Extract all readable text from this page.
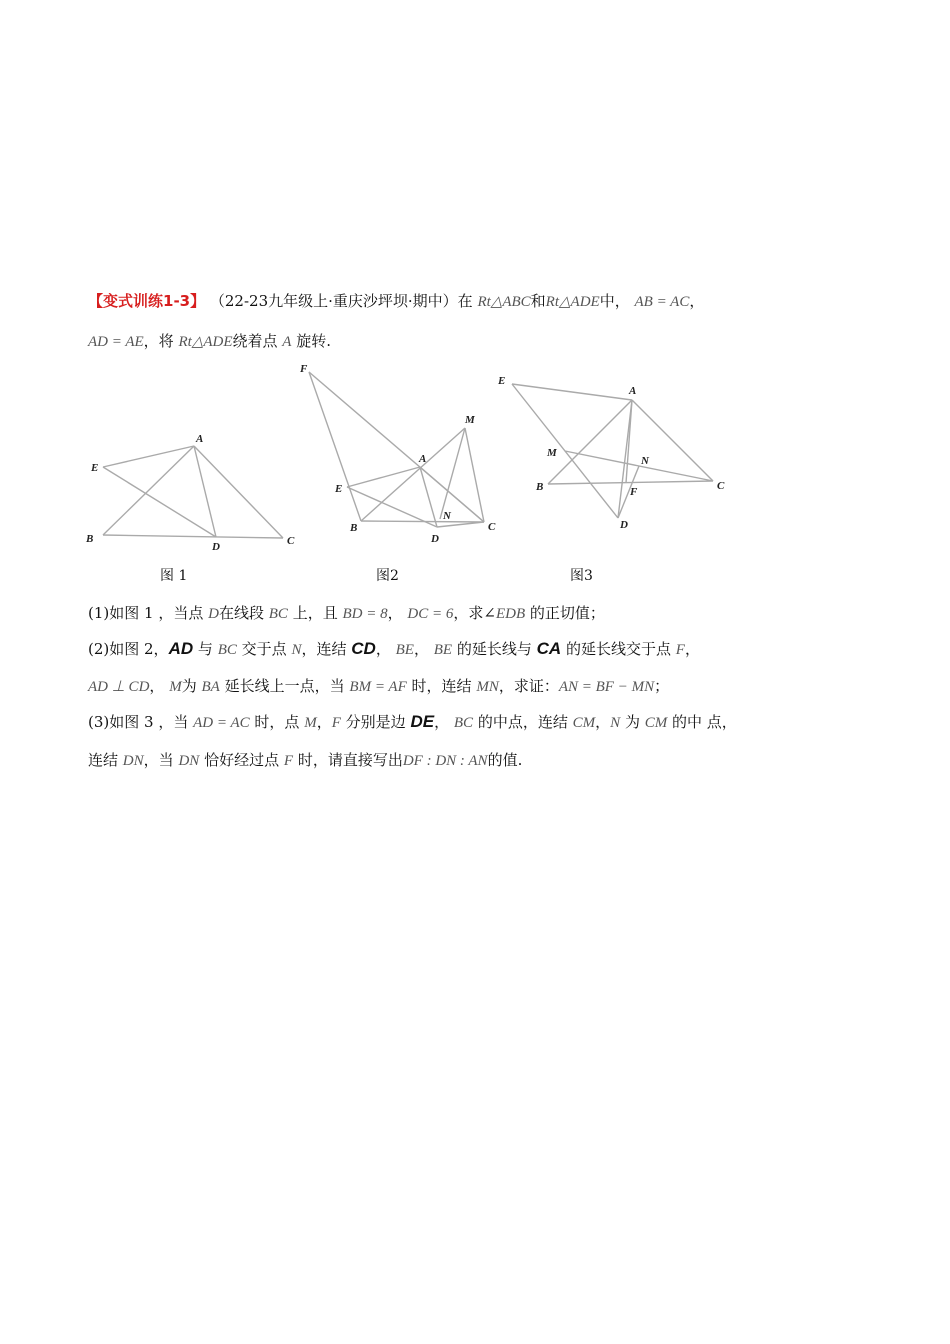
【变式训练1-3】 （22-23九年级上·重庆沙坪坝·期中）在 Rt△ABC和Rt△ADE中， AB = AC，
AD = AE，将 Rt△ADE绕着点 A 旋转.
E
A
B
D	C
F
M
A
E
B
N
D
C
E
A
M
N
B	F	C
D
图 1	图2	图3
(1)如图 1 ，当点 D在线段 BC 上，且 BD = 8， DC = 6，求∠EDB 的正切值；
(2)如图 2，AD 与 BC 交于点 N，连结 CD， BE， BE 的延长线与 CA 的延长线交于点 F，
AD ⊥ CD， M为 BA 延长线上一点，当 BM = AF 时，连结 MN，求证：AN = BF − MN；
(3)如图 3 ，当 AD = AC 时，点 M，F 分别是边 DE， BC 的中点，连结 CM，N 为 CM 的中 点，
连结 DN，当 DN 恰好经过点 F 时，请直接写出DF : DN : AN的值.
